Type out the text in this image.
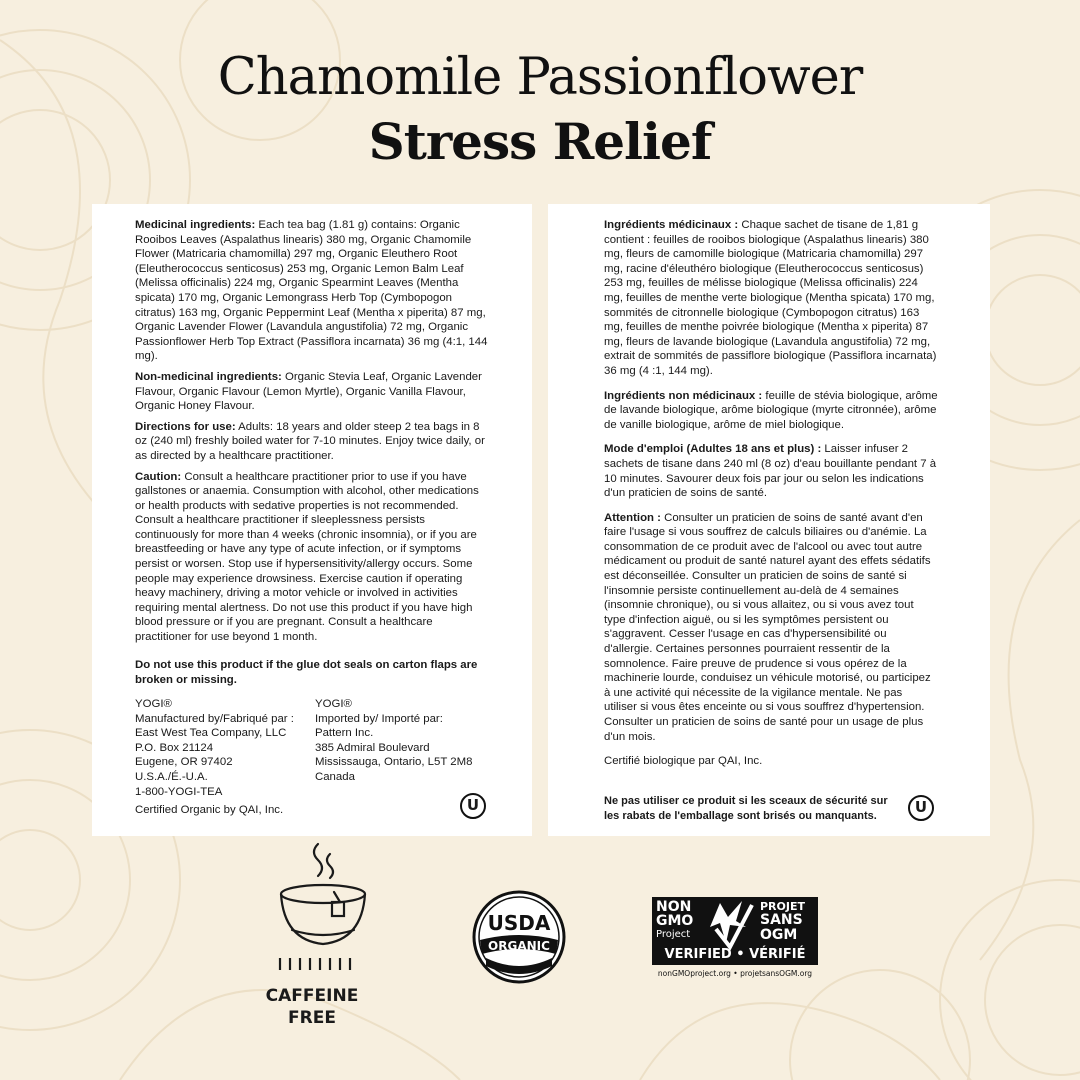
Chamomile Passionflower
Stress Relief

Medicinal ingredients: Each tea bag (1.81 g) contains: Organic Rooibos Leaves (Aspalathus linearis) 380 mg, Organic Chamomile Flower (Matricaria chamomilla) 297 mg, Organic Eleuthero Root (Eleutherococcus senticosus) 253 mg, Organic Lemon Balm Leaf (Melissa officinalis) 224 mg, Organic Spearmint Leaves (Mentha spicata) 170 mg, Organic Lemongrass Herb Top (Cymbopogon citratus) 163 mg, Organic Peppermint Leaf (Mentha x piperita) 87 mg, Organic Lavender Flower (Lavandula angustifolia) 72 mg, Organic Passionflower Herb Top Extract (Passiflora incarnata) 36 mg (4:1, 144 mg).

Non-medicinal ingredients: Organic Stevia Leaf, Organic Lavender Flavour, Organic Flavour (Lemon Myrtle), Organic Vanilla Flavour, Organic Honey Flavour.

Directions for use: Adults: 18 years and older steep 2 tea bags in 8 oz (240 ml) freshly boiled water for 7-10 minutes. Enjoy twice daily, or as directed by a healthcare practitioner.

Caution: Consult a healthcare practitioner prior to use if you have gallstones or anaemia. Consumption with alcohol, other medications or health products with sedative properties is not recommended. Consult a healthcare practitioner if sleeplessness persists continuously for more than 4 weeks (chronic insomnia), or if you are breastfeeding or have any type of acute infection, or if symptoms persist or worsen. Stop use if hypersensitivity/allergy occurs. Some people may experience drowsiness. Exercise caution if operating heavy machinery, driving a motor vehicle or involved in activities requiring mental alertness. Do not use this product if you have high blood pressure or if you are pregnant. Consult a healthcare practitioner for use beyond 1 month.

Do not use this product if the glue dot seals on carton flaps are broken or missing.
YOGI®
Manufactured by/Fabriqué par :
East West Tea Company, LLC
P.O. Box 21124
Eugene, OR 97402
U.S.A./É.-U.A.
1-800-YOGI-TEA
YOGI®
Imported by/ Importé par:
Pattern Inc.
385 Admiral Boulevard
Mississauga, Ontario, L5T 2M8
Canada
Certified Organic by QAI, Inc.	U

Ingrédients médicinaux : Chaque sachet de tisane de 1,81 g contient : feuilles de rooibos biologique (Aspalathus linearis) 380 mg, fleurs de camomille biologique (Matricaria chamomilla) 297 mg, racine d'éleuthéro biologique (Eleutherococcus senticosus) 253 mg, feuilles de mélisse biologique (Melissa officinalis) 224 mg, feuilles de menthe verte biologique (Mentha spicata) 170 mg, sommités de citronnelle biologique (Cymbopogon citratus) 163 mg, feuilles de menthe poivrée biologique (Mentha x piperita) 87 mg, fleurs de lavande biologique (Lavandula angustifolia) 72 mg, extrait de sommités de passiflore biologique (Passiflora incarnata) 36 mg (4 :1, 144 mg).

Ingrédients non médicinaux : feuille de stévia biologique, arôme de lavande biologique, arôme biologique (myrte citronnée), arôme de vanille biologique, arôme de miel biologique.

Mode d'emploi (Adultes 18 ans et plus) : Laisser infuser 2 sachets de tisane dans 240 ml (8 oz) d'eau bouillante pendant 7 à 10 minutes. Savourer deux fois par jour ou selon les indications d'un praticien de soins de santé.

Attention : Consulter un praticien de soins de santé avant d'en faire l'usage si vous souffrez de calculs biliaires ou d'anémie. La consommation de ce produit avec de l'alcool ou avec tout autre médicament ou produit de santé naturel ayant des effets sédatifs est déconseillée. Consulter un praticien de soins de santé si l'insomnie persiste continuellement au-delà de 4 semaines (insomnie chronique), ou si vous allaitez, ou si vous avez tout type d'infection aiguë, ou si les symptômes persistent ou s'aggravent. Cesser l'usage en cas d'hypersensibilité ou d'allergie. Certaines personnes pourraient ressentir de la somnolence. Faire preuve de prudence si vous opérez de la machinerie lourde, conduisez un véhicule motorisé, ou participez à une activité qui nécessite de la vigilance mentale. Ne pas utiliser si vous êtes enceinte ou si vous souffrez d'hypertension. Consulter un praticien de soins de santé pour un usage de plus d'un mois.

Certifié biologique par QAI, Inc.

Ne pas utiliser ce produit si les sceaux de sécurité sur les rabats de l'emballage sont brisés ou manquants.	U
CAFFEINE
FREE
USDA
ORGANIC
NON
GMO
Project
PROJET
SANS
OGM
VERIFIED • VÉRIFIÉ
nonGMOproject.org • projetsansOGM.org
